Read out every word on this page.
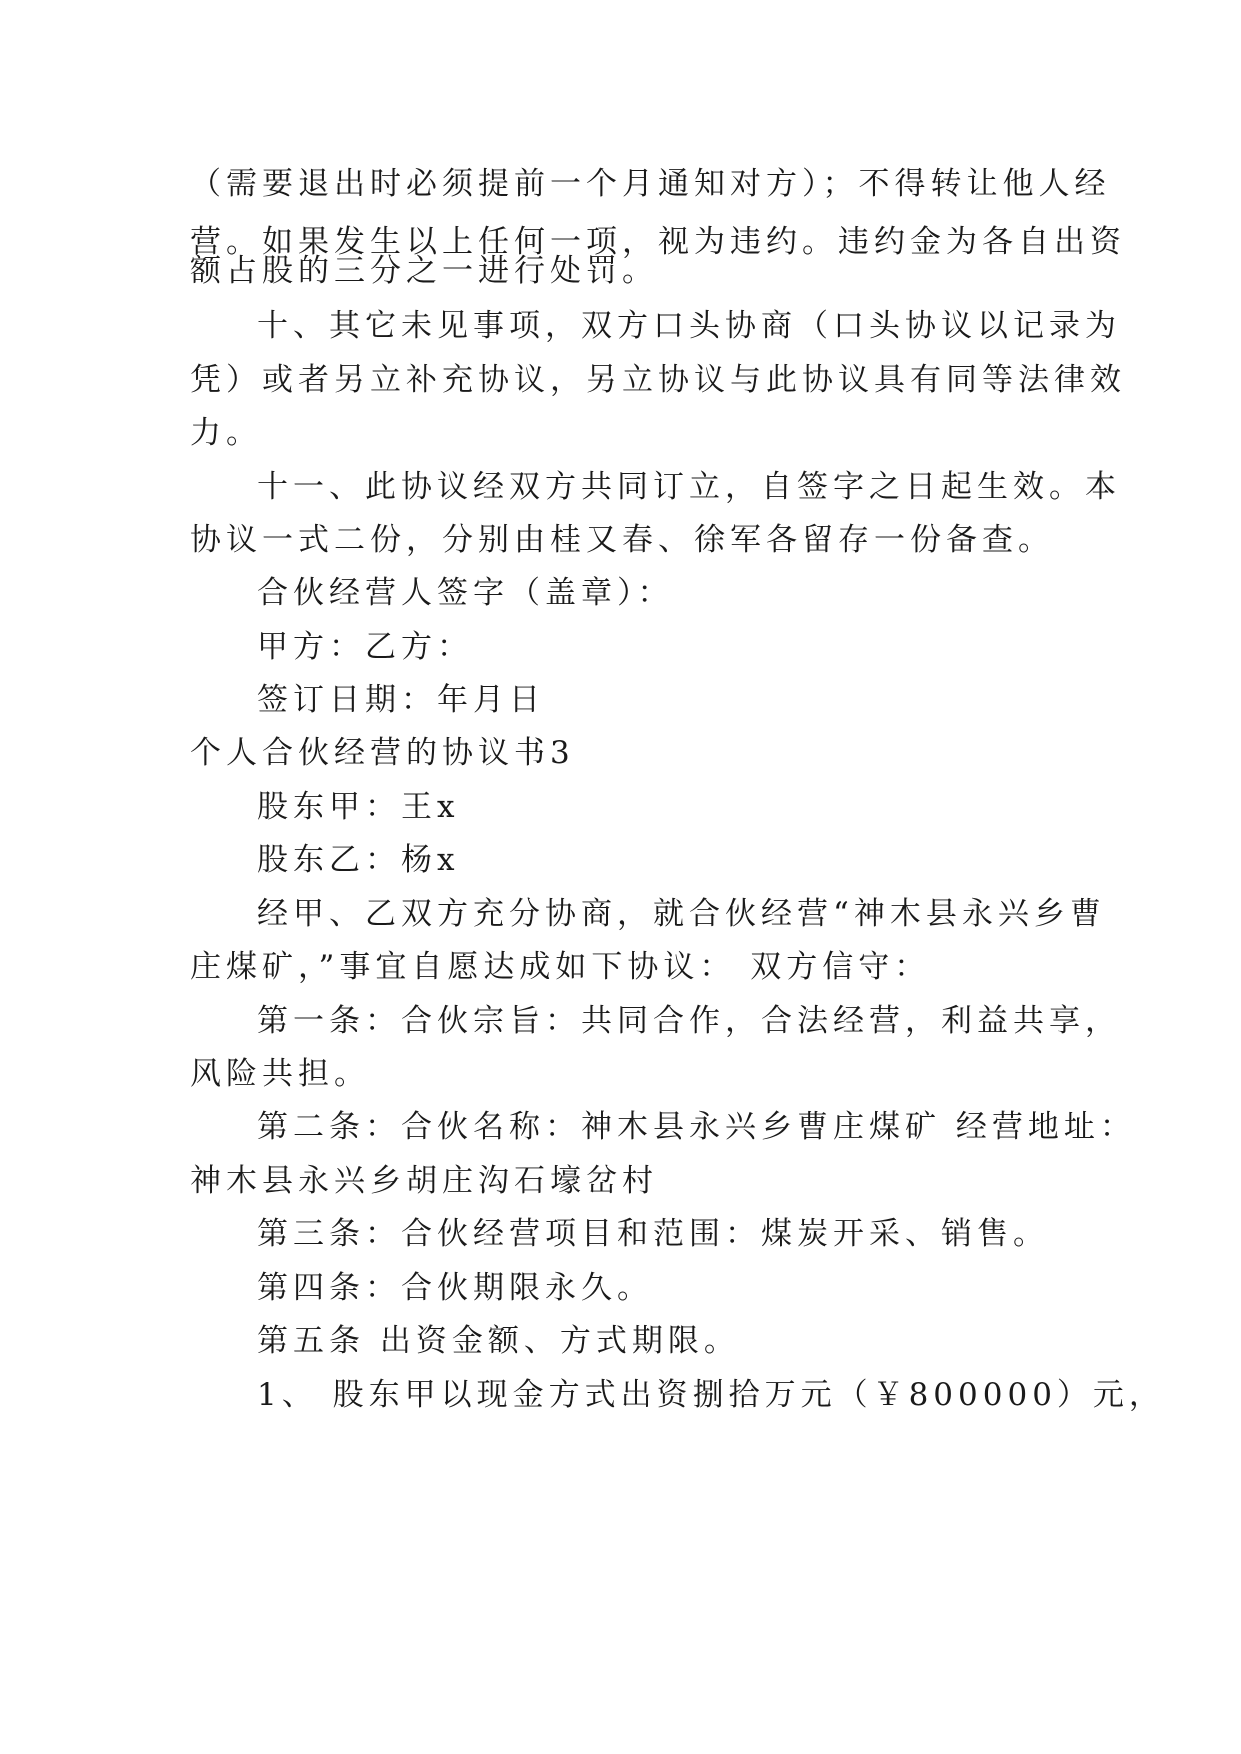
（需要退出时必须提前一个月通知对方）；不得转让他人经
营。如果发生以上任何一项，视为违约。违约金为各自出资
额占股的三分之一进行处罚。
十、其它未见事项，双方口头协商（口头协议以记录为
凭）或者另立补充协议，另立协议与此协议具有同等法律效
力。
十一、此协议经双方共同订立，自签字之日起生效。本
协议一式二份，分别由桂又春、徐军各留存一份备查。
合伙经营人签字（盖章）：
甲方：乙方：
签订日期：年月日
个人合伙经营的协议书3
股东甲：王x
股东乙：杨x
经甲、乙双方充分协商，就合伙经营“神木县永兴乡曹
庄煤矿，”事宜自愿达成如下协议： 双方信守：
第一条：合伙宗旨：共同合作，合法经营，利益共享，
风险共担。
第二条：合伙名称：神木县永兴乡曹庄煤矿 经营地址：
神木县永兴乡胡庄沟石壕岔村
第三条：合伙经营项目和范围：煤炭开采、销售。
第四条：合伙期限永久。
第五条 出资金额、方式期限。
1、 股东甲以现金方式出资捌拾万元（￥800000）元，
